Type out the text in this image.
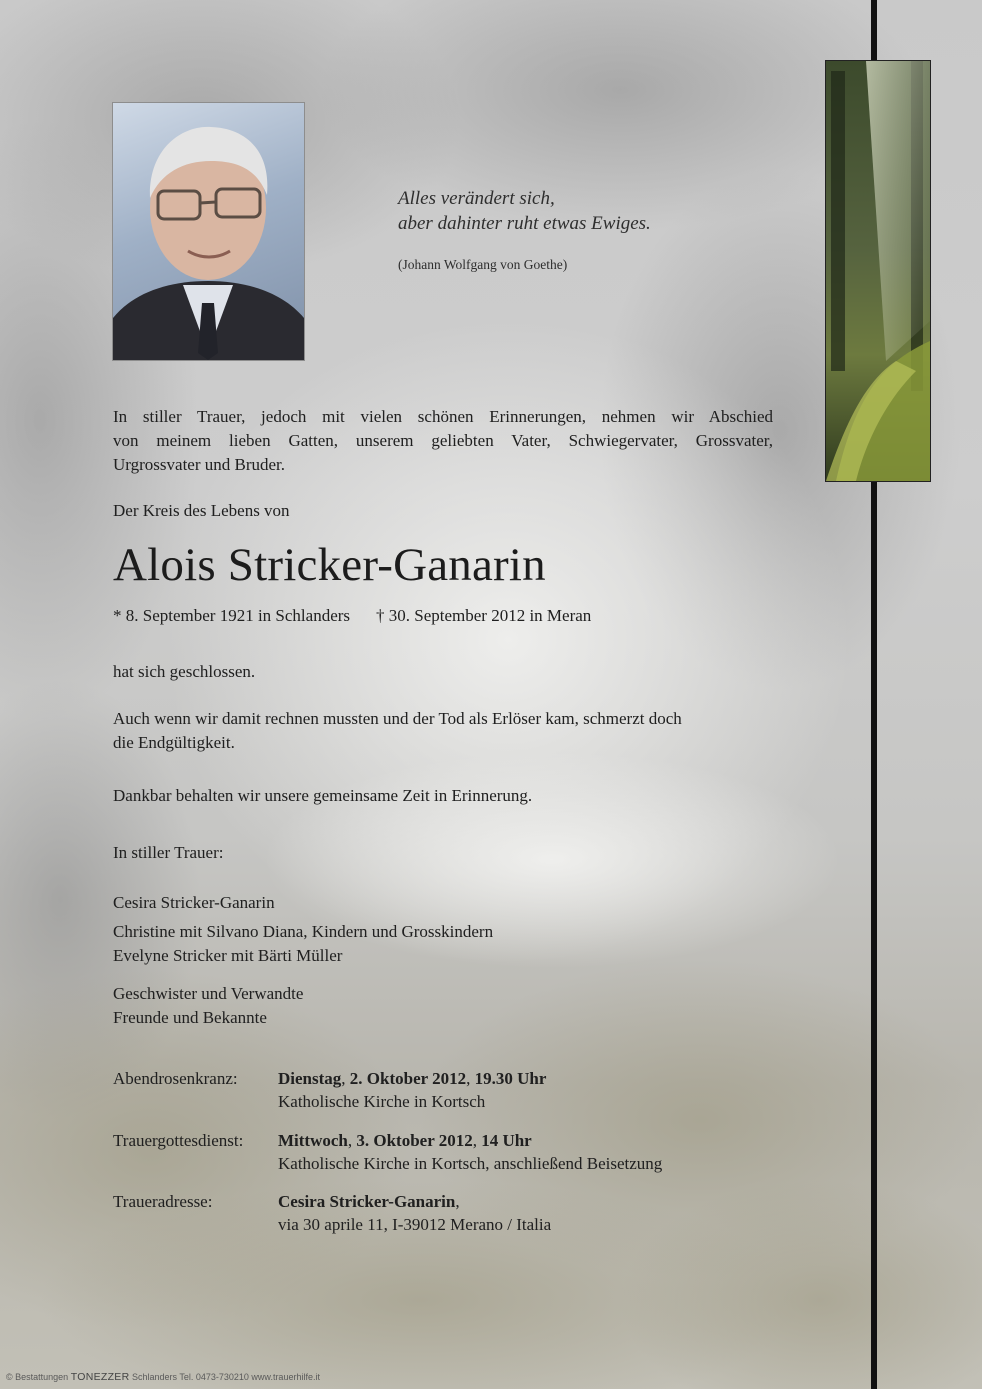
Alles verändert sich,
aber dahinter ruht etwas Ewiges.
(Johann Wolfgang von Goethe)
In stiller Trauer, jedoch mit vielen schönen Erinnerungen, nehmen wir Abschied
von meinem lieben Gatten, unserem geliebten Vater, Schwiegervater, Grossvater,
Urgrossvater und Bruder.
Der Kreis des Lebens von
Alois Stricker-Ganarin
* 8. September 1921 in Schlanders † 30. September 2012 in Meran
hat sich geschlossen.
Auch wenn wir damit rechnen mussten und der Tod als Erlöser kam, schmerzt doch
die Endgültigkeit.
Dankbar behalten wir unsere gemeinsame Zeit in Erinnerung.
In stiller Trauer:
Cesira Stricker-Ganarin
Christine mit Silvano Diana, Kindern und Grosskindern
Evelyne Stricker mit Bärti Müller
Geschwister und Verwandte
Freunde und Bekannte
Abendrosenkranz: Dienstag, 2. Oktober 2012, 19.30 Uhr
Katholische Kirche in Kortsch
Trauergottesdienst: Mittwoch, 3. Oktober 2012, 14 Uhr
Katholische Kirche in Kortsch, anschließend Beisetzung
Traueradresse:	Cesira Stricker-Ganarin,
via 30 aprile 11, I-39012 Merano / Italia
© Bestattungen TONEZZER Schlanders Tel. 0473-730210 www.trauerhilfe.it
